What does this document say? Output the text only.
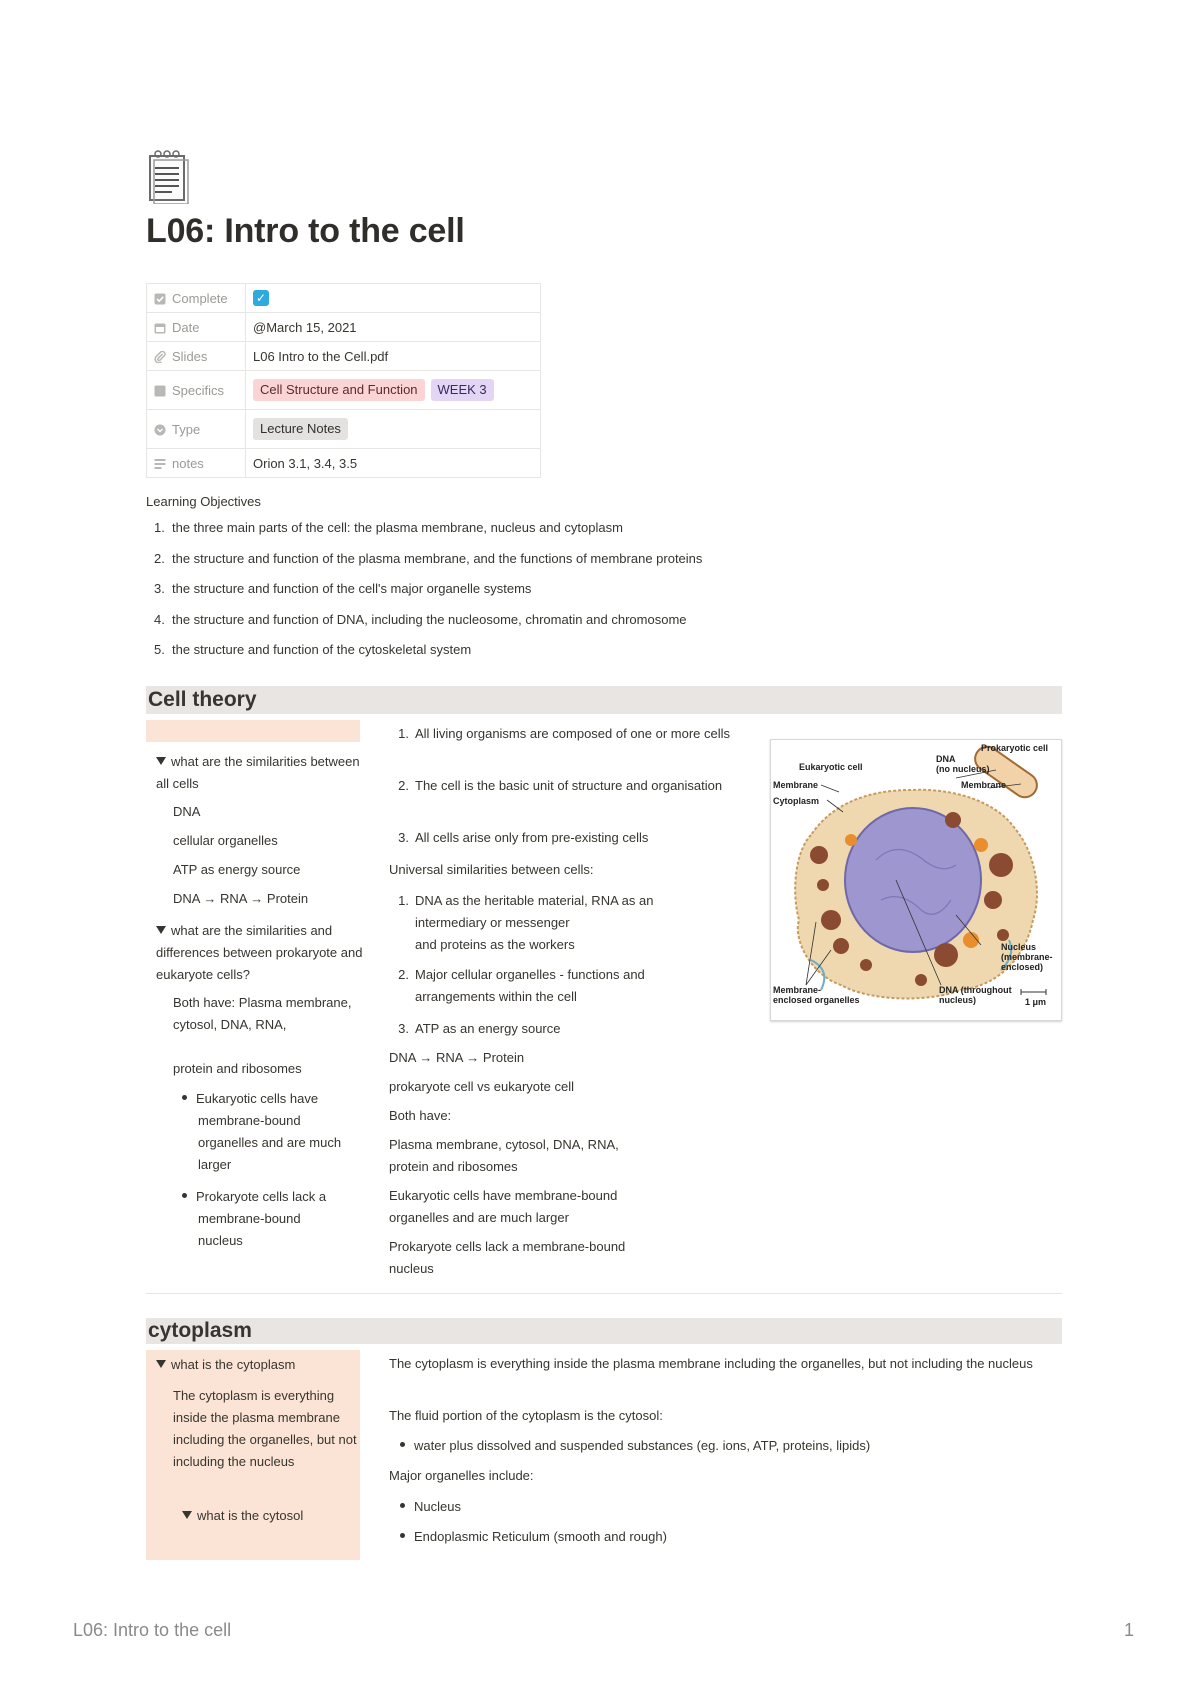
L06: Intro to the cell
Complete	✓
Date	@March 15, 2021
Slides	L06 Intro to the Cell.pdf
Specifics	Cell Structure and Function WEEK 3
Type	Lecture Notes
notes	Orion 3.1, 3.4, 3.5
Learning Objectives
1. the three main parts of the cell: the plasma membrane, nucleus and cytoplasm
2. the structure and function of the plasma membrane, and the functions of membrane proteins
3. the structure and function of the cell's major organelle systems
4. the structure and function of DNA, including the nucleosome, chromatin and chromosome
5. the structure and function of the cytoskeletal system
Cell theory
what are the similarities between all cells
DNA
cellular organelles
ATP as energy source
DNA → RNA → Protein
what are the similarities and differences between prokaryote and eukaryote cells?
Both have: Plasma membrane, cytosol, DNA, RNA,
protein and ribosomes
Eukaryotic cells have membrane-bound organelles and are much larger
Prokaryote cells lack a membrane-bound nucleus
1. All living organisms are composed of one or more cells
2. The cell is the basic unit of structure and organisation
3. All cells arise only from pre-existing cells
Universal similarities between cells:
1. DNA as the heritable material, RNA as an intermediary or messenger
and proteins as the workers
2. Major cellular organelles - functions and arrangements within the cell
3. ATP as an energy source
DNA → RNA → Protein
prokaryote cell vs eukaryote cell
Both have:
Plasma membrane, cytosol, DNA, RNA,
protein and ribosomes
Eukaryotic cells have membrane-bound organelles and are much larger
Prokaryote cells lack a membrane-bound nucleus
Prokaryotic cell
Eukaryotic cell
DNA
(no nucleus)
Membrane	Membrane
Cytoplasm
Nucleus
(membrane-
enclosed)
Membrane-
enclosed organelles
DNA (throughout
nucleus)	1 μm
cytoplasm
what is the cytoplasm
The cytoplasm is everything inside the plasma membrane including the organelles, but not including the nucleus
what is the cytosol
The cytoplasm is everything inside the plasma membrane including the organelles, but not including the nucleus
The fluid portion of the cytoplasm is the cytosol:
water plus dissolved and suspended substances (eg. ions, ATP, proteins, lipids)
Major organelles include:
Nucleus
Endoplasmic Reticulum (smooth and rough)
L06: Intro to the cell	1
